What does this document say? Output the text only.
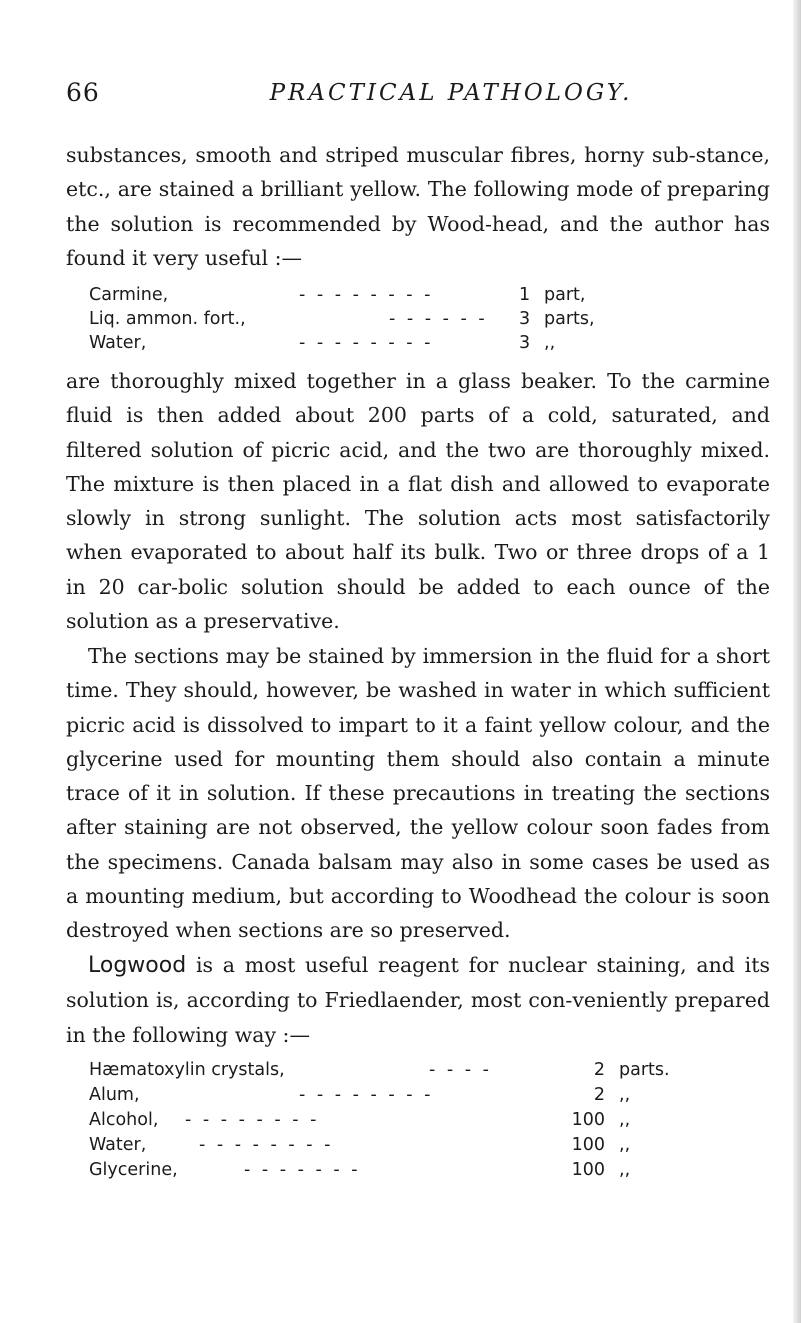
66	PRACTICAL PATHOLOGY.

substances, smooth and striped muscular fibres, horny sub-stance, etc., are stained a brilliant yellow. The following mode of preparing the solution is recommended by Wood-head, and the author has found it very useful :—

Carmine,	- - - - - - - -	1 part,
Liq. ammon. fort.,	- - - - - -	3 parts,
Water,	- - - - - - - -	3 ,,

are thoroughly mixed together in a glass beaker. To the carmine fluid is then added about 200 parts of a cold, saturated, and filtered solution of picric acid, and the two are thoroughly mixed. The mixture is then placed in a flat dish and allowed to evaporate slowly in strong sunlight. The solution acts most satisfactorily when evaporated to about half its bulk. Two or three drops of a 1 in 20 car-bolic solution should be added to each ounce of the solution as a preservative.

The sections may be stained by immersion in the fluid for a short time. They should, however, be washed in water in which sufficient picric acid is dissolved to impart to it a faint yellow colour, and the glycerine used for mounting them should also contain a minute trace of it in solution. If these precautions in treating the sections after staining are not observed, the yellow colour soon fades from the specimens. Canada balsam may also in some cases be used as a mounting medium, but according to Woodhead the colour is soon destroyed when sections are so preserved.

Logwood is a most useful reagent for nuclear staining, and its solution is, according to Friedlaender, most con-veniently prepared in the following way :—

Hæmatoxylin crystals,	- - - -	2 parts.
Alum,	- - - - - - - -	2 ,,
Alcohol, - - - - - - - -	100 ,,
Water,	- - - - - - - -	100 ,,
Glycerine,	- - - - - - -	100 ,,
